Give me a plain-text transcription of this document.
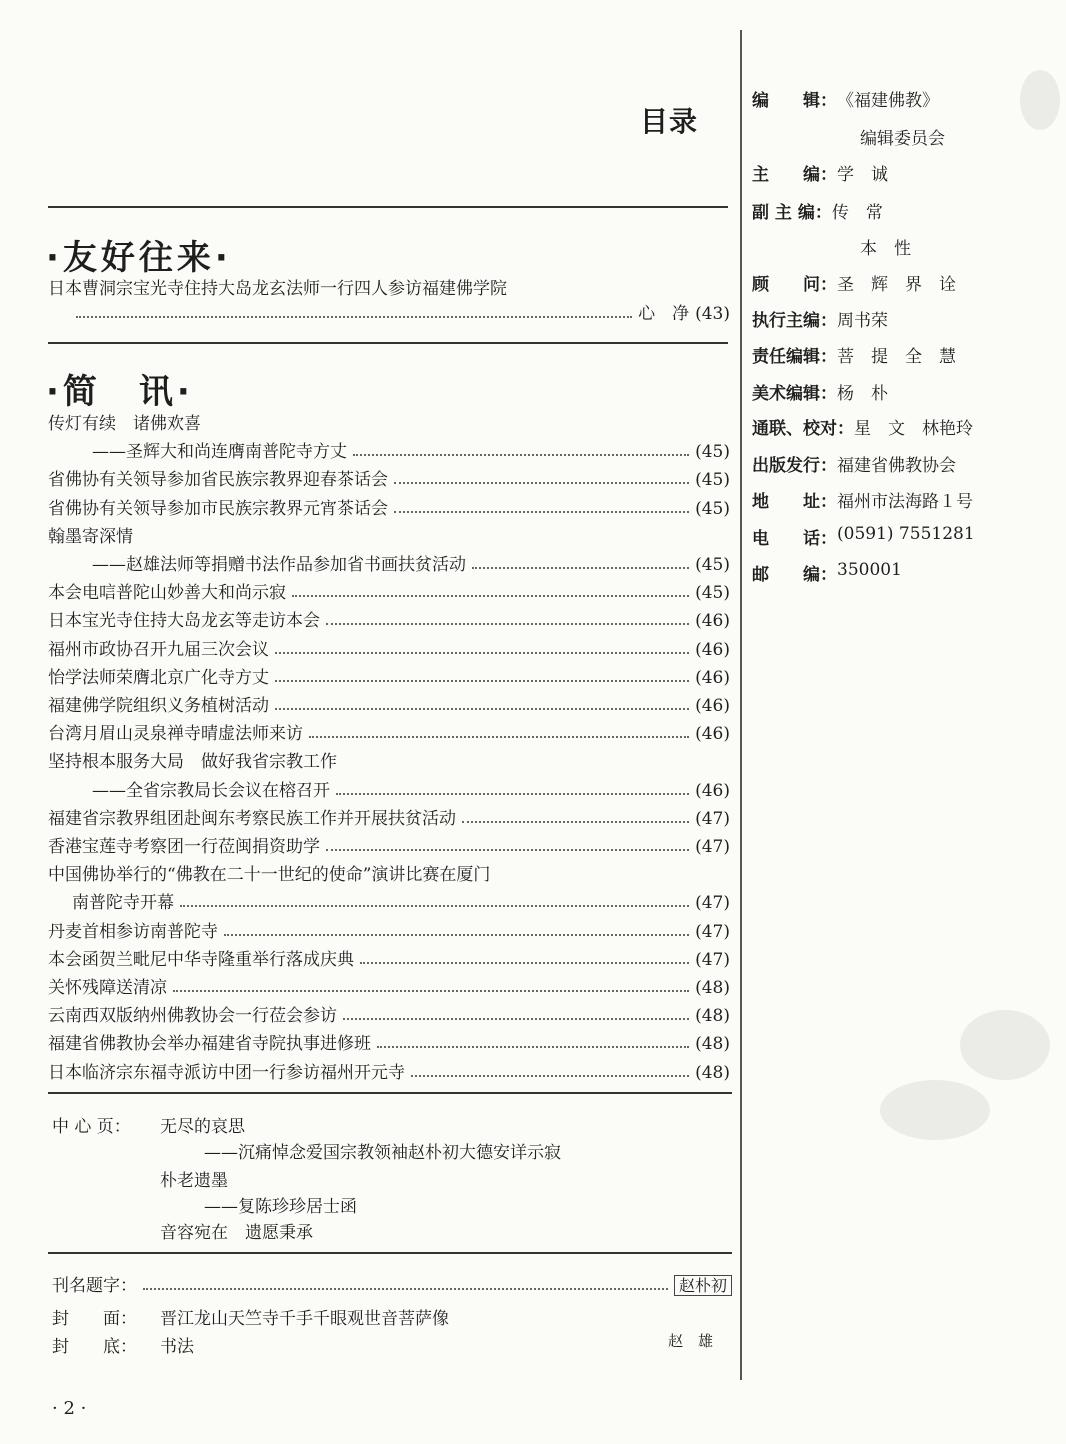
目录
·友好往来·
日本曹洞宗宝光寺住持大岛龙玄法师一行四人参访福建佛学院
心　净 (43)
·简　讯·
传灯有续　诸佛欢喜
——圣辉大和尚连膺南普陀寺方丈	(45)
省佛协有关领导参加省民族宗教界迎春茶话会	(45)
省佛协有关领导参加市民族宗教界元宵茶话会	(45)
翰墨寄深情
——赵雄法师等捐赠书法作品参加省书画扶贫活动	(45)
本会电唁普陀山妙善大和尚示寂	(45)
日本宝光寺住持大岛龙玄等走访本会	(46)
福州市政协召开九届三次会议	(46)
怡学法师荣膺北京广化寺方丈	(46)
福建佛学院组织义务植树活动	(46)
台湾月眉山灵泉禅寺晴虚法师来访	(46)
坚持根本服务大局　做好我省宗教工作
——全省宗教局长会议在榕召开	(46)
福建省宗教界组团赴闽东考察民族工作并开展扶贫活动	(47)
香港宝莲寺考察团一行莅闽捐资助学	(47)
中国佛协举行的“佛教在二十一世纪的使命”演讲比赛在厦门
南普陀寺开幕	(47)
丹麦首相参访南普陀寺	(47)
本会函贺兰毗尼中华寺隆重举行落成庆典	(47)
关怀残障送清凉	(48)
云南西双版纳州佛教协会一行莅会参访	(48)
福建省佛教协会举办福建省寺院执事进修班	(48)
日本临济宗东福寺派访中团一行参访福州开元寺	(48)
中 心 页： 无尽的哀思
——沉痛悼念爱国宗教领袖赵朴初大德安详示寂
朴老遗墨
——复陈珍珍居士函
音容宛在　遗愿秉承
刊名题字：	赵朴初
封　　面： 晋江龙山天竺寺千手千眼观世音菩萨像
封　　底： 书法	赵　雄
· 2 ·
编　　辑： 《福建佛教》
编辑委员会
主　　编： 学　诚
副 主 编： 传　常
本　性
顾　　问： 圣　辉　界　诠
执行主编： 周书荣
责任编辑： 菩　提　全　慧
美术编辑： 杨　朴
通联、校对： 星　文　林艳玲
出版发行： 福建省佛教协会
地　　址： 福州市法海路１号
电　　话： (0591) 7551281
邮　　编： 350001
